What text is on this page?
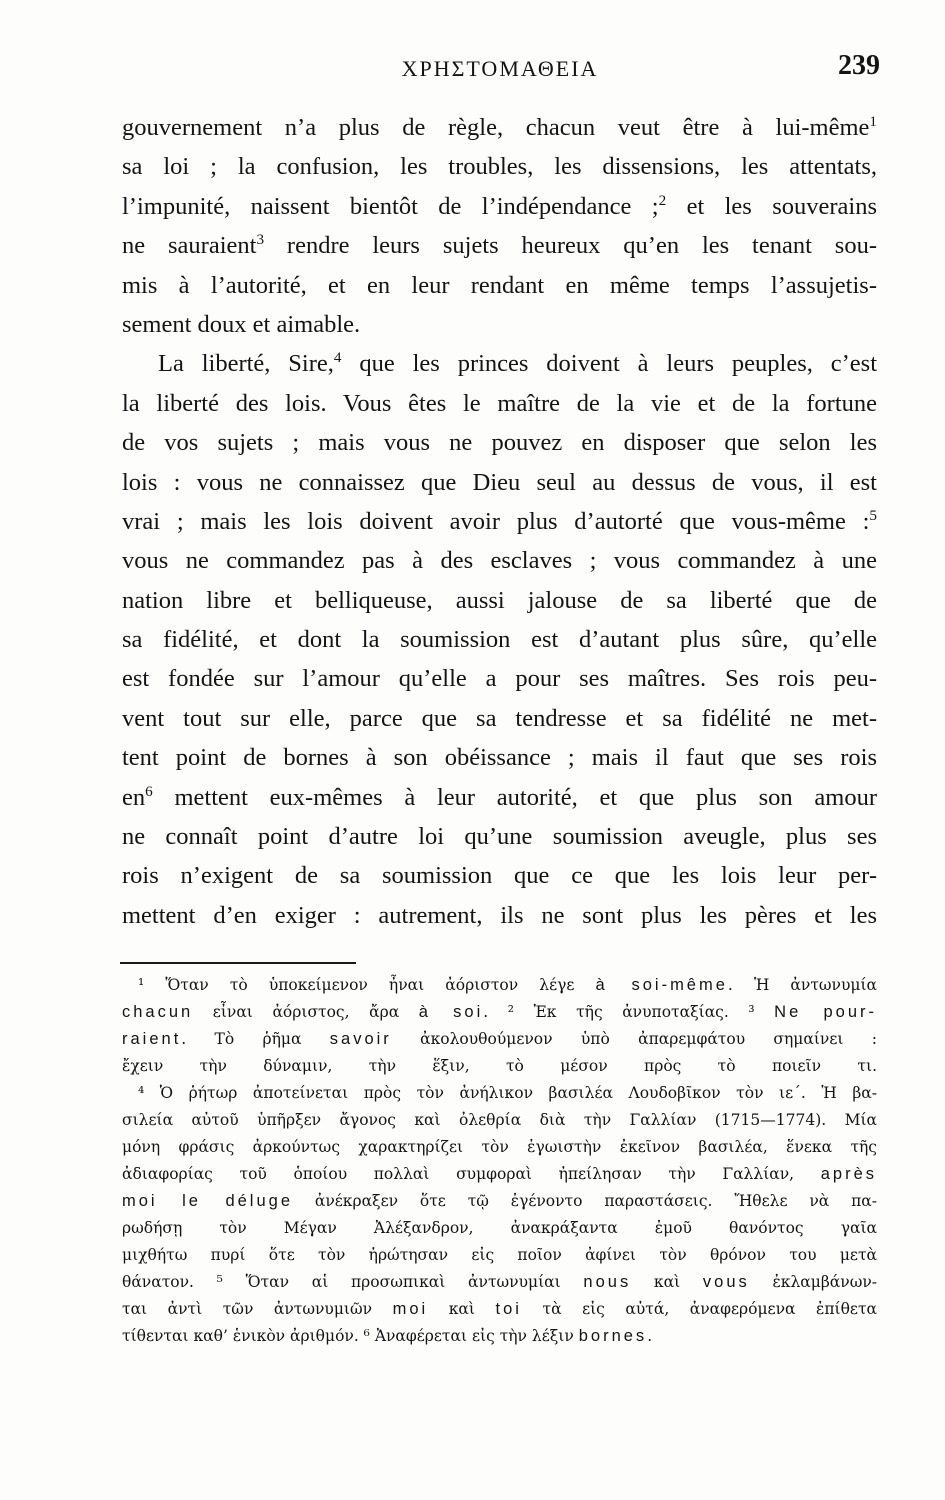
ΧΡΗΣΤΟΜΑΘΕΙΑ	239
gouvernement n’a plus de règle, chacun veut être à lui-même$^1$
sa loi ; la confusion, les troubles, les dissensions, les attentats,
l’impunité, naissent bientôt de l’indépendance ;$^2$ et les souverains
ne sauraient$^3$ rendre leurs sujets heureux qu’en les tenant sou-
mis à l’autorité, et en leur rendant en même temps l’assujetis-
sement doux et aimable.
La liberté, Sire,$^4$ que les princes doivent à leurs peuples, c’est
la liberté des lois. Vous êtes le maître de la vie et de la fortune
de vos sujets ; mais vous ne pouvez en disposer que selon les
lois : vous ne connaissez que Dieu seul au dessus de vous, il est
vrai ; mais les lois doivent avoir plus d’autorté que vous-même :$^5$
vous ne commandez pas à des esclaves ; vous commandez à une
nation libre et belliqueuse, aussi jalouse de sa liberté que de
sa fidélité, et dont la soumission est d’autant plus sûre, qu’elle
est fondée sur l’amour qu’elle a pour ses maîtres. Ses rois peu-
vent tout sur elle, parce que sa tendresse et sa fidélité ne met-
tent point de bornes à son obéissance ; mais il faut que ses rois
$en^6$ mettent eux-mêmes à leur autorité, et que plus son amour
ne connaît point d’autre loi qu’une soumission aveugle, plus ses
rois n’exigent de sa soumission que ce que les lois leur per-
mettent d’en exiger : autrement, ils ne sont plus les pères et les
¹ Ὅταν τὸ ὑποκείμενον ἦναι ἀόριστον λέγε à soi-même. Ἡ ἀντωνυμία
chacun εἶναι ἀόριστος, ἄρα à soi. ² Ἐκ τῆς ἀνυποταξίας. ³ Ne pour-
raient. Τὸ ῥῆμα savoir ἀκολουθούμενον ὑπὸ ἀπαρεμφάτου σημαίνει :
ἔχειν τὴν δύναμιν, τὴν ἕξιν, τὸ μέσον πρὸς τὸ ποιεῖν τι.
⁴ Ὁ ῥήτωρ ἀποτείνεται πρὸς τὸν ἀνήλικον βασιλέα Λουδοβῖκον τὸν ιε΄. Ἡ βα-
σιλεία αὐτοῦ ὑπῆρξεν ἄγονος καὶ ὀλεθρία διὰ τὴν Γαλλίαν (1715—1774). Μία
μόνη φράσις ἀρκούντως χαρακτηρίζει τὸν ἐγωιστὴν ἐκεῖνον βασιλέα, ἕνεκα τῆς
ἀδιαφορίας τοῦ ὁποίου πολλαὶ συμφοραὶ ἠπείλησαν τὴν Γαλλίαν, après
moi le déluge ἀνέκραξεν ὅτε τῷ ἐγένοντο παραστάσεις. Ἤθελε νὰ πα-
ρωδήσῃ τὸν Μέγαν Ἀλέξανδρον, ἀνακράξαντα ἐμοῦ θανόντος γαῖα
μιχθήτω πυρί ὅτε τὸν ἠρώτησαν εἰς ποῖον ἀφίνει τὸν θρόνον του μετὰ
θάνατον. ⁵ Ὅταν αἱ προσωπικαὶ ἀντωνυμίαι nous καὶ vous ἐκλαμβάνων-
ται ἀντὶ τῶν ἀντωνυμιῶν moi καὶ toi τὰ εἰς αὐτά, ἀναφερόμενα ἐπίθετα
τίθενται καθ’ ἑνικὸν ἀριθμόν. ⁶ Ἀναφέρεται εἰς τὴν λέξιν bornes.
